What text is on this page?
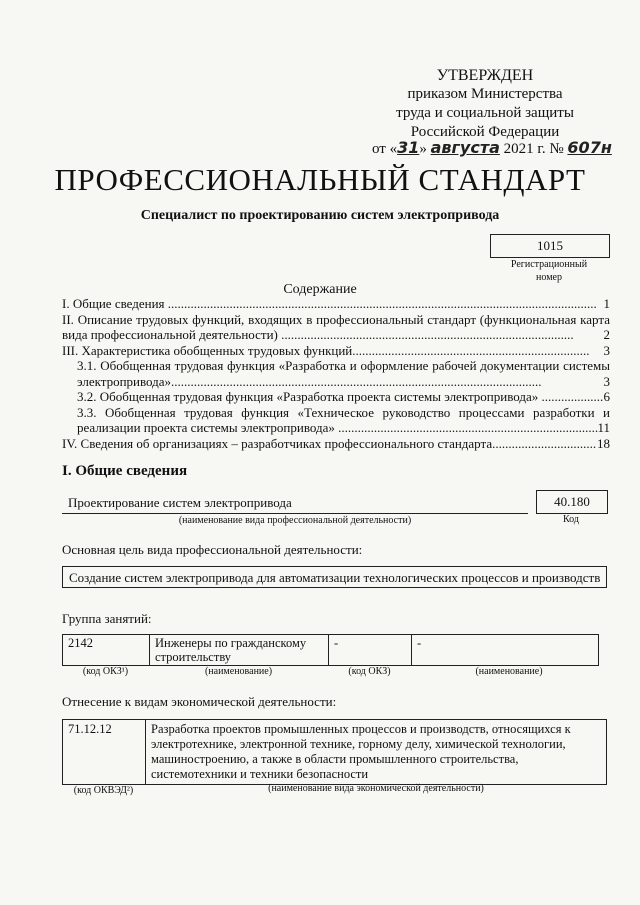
УТВЕРЖДЕН
приказом Министерства
труда и социальной защиты
Российской Федерации
от «31» августа 2021 г. № 607н
ПРОФЕССИОНАЛЬНЫЙ СТАНДАРТ
Специалист по проектированию систем электропривода
1015
Регистрационный
номер
Содержание
I. Общие сведения .................................................................................................................................... 1
II. Описание трудовых функций, входящих в профессиональный стандарт (функциональная карта вида профессиональной деятельности) ..........................................................................................	2
III. Характеристика обобщенных трудовых функций.........................................................................	3
3.1. Обобщенная трудовая функция «Разработка и оформление рабочей документации системы электропривода»..................................................................................................................	3
3.2. Обобщенная трудовая функция «Разработка проекта системы электропривода» ................... 6
3.3. Обобщенная трудовая функция «Техническое руководство процессами разработки и реализации проекта системы электропривода» ................................................................................ 11
IV. Сведения об организациях – разработчиках профессионального стандарта................................ 18
I. Общие сведения
Проектирование систем электропривода
(наименование вида профессиональной деятельности)
40.180
Код
Основная цель вида профессиональной деятельности:
Создание систем электропривода для автоматизации технологических процессов и производств
Группа занятий:
2142	Инженеры по гражданскому строительству	-	-
(код ОКЗ¹)	(наименование)	(код ОКЗ)	(наименование)
Отнесение к видам экономической деятельности:
71.12.12	Разработка проектов промышленных процессов и производств, относящихся к электротехнике, электронной технике, горному делу, химической технологии, машиностроению, а также в области промышленного строительства, системотехники и техники безопасности
(код ОКВЭД²)	(наименование вида экономической деятельности)
